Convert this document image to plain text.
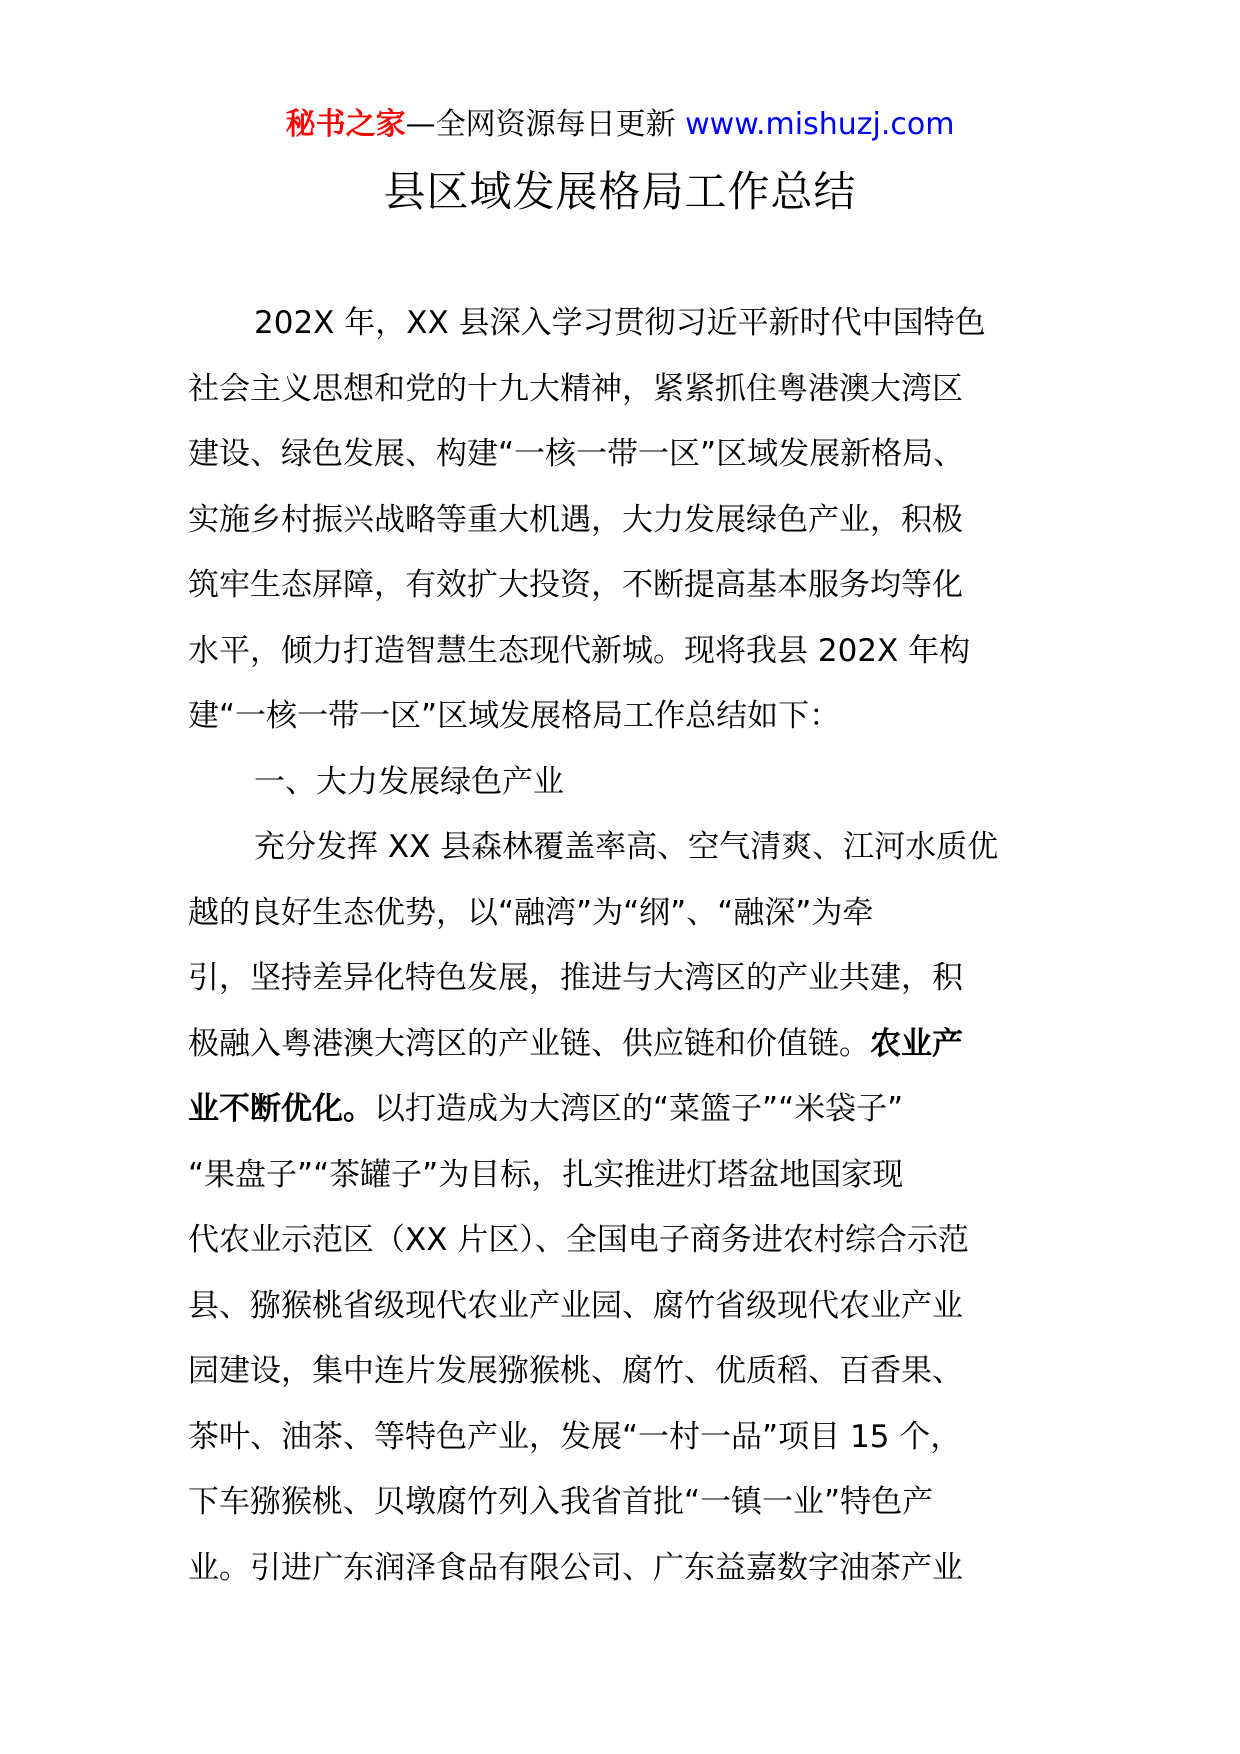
秘书之家—全网资源每日更新 www.mishuzj.com
县区域发展格局工作总结
202X 年，XX 县深入学习贯彻习近平新时代中国特色
社会主义思想和党的十九大精神，紧紧抓住粤港澳大湾区
建设、绿色发展、构建“一核一带一区”区域发展新格局、
实施乡村振兴战略等重大机遇，大力发展绿色产业，积极
筑牢生态屏障，有效扩大投资，不断提高基本服务均等化
水平，倾力打造智慧生态现代新城。现将我县 202X 年构
建“一核一带一区”区域发展格局工作总结如下：
一、大力发展绿色产业
充分发挥 XX 县森林覆盖率高、空气清爽、江河水质优
越的良好生态优势，以“融湾”为“纲”、“融深”为牵
引，坚持差异化特色发展，推进与大湾区的产业共建，积
极融入粤港澳大湾区的产业链、供应链和价值链。农业产
业不断优化。以打造成为大湾区的“菜篮子”“米袋子”
“果盘子”“茶罐子”为目标，扎实推进灯塔盆地国家现
代农业示范区（XX 片区）、全国电子商务进农村综合示范
县、猕猴桃省级现代农业产业园、腐竹省级现代农业产业
园建设，集中连片发展猕猴桃、腐竹、优质稻、百香果、
茶叶、油茶、等特色产业，发展“一村一品”项目 15 个，
下车猕猴桃、贝墩腐竹列入我省首批“一镇一业”特色产
业。引进广东润泽食品有限公司、广东益嘉数字油茶产业
